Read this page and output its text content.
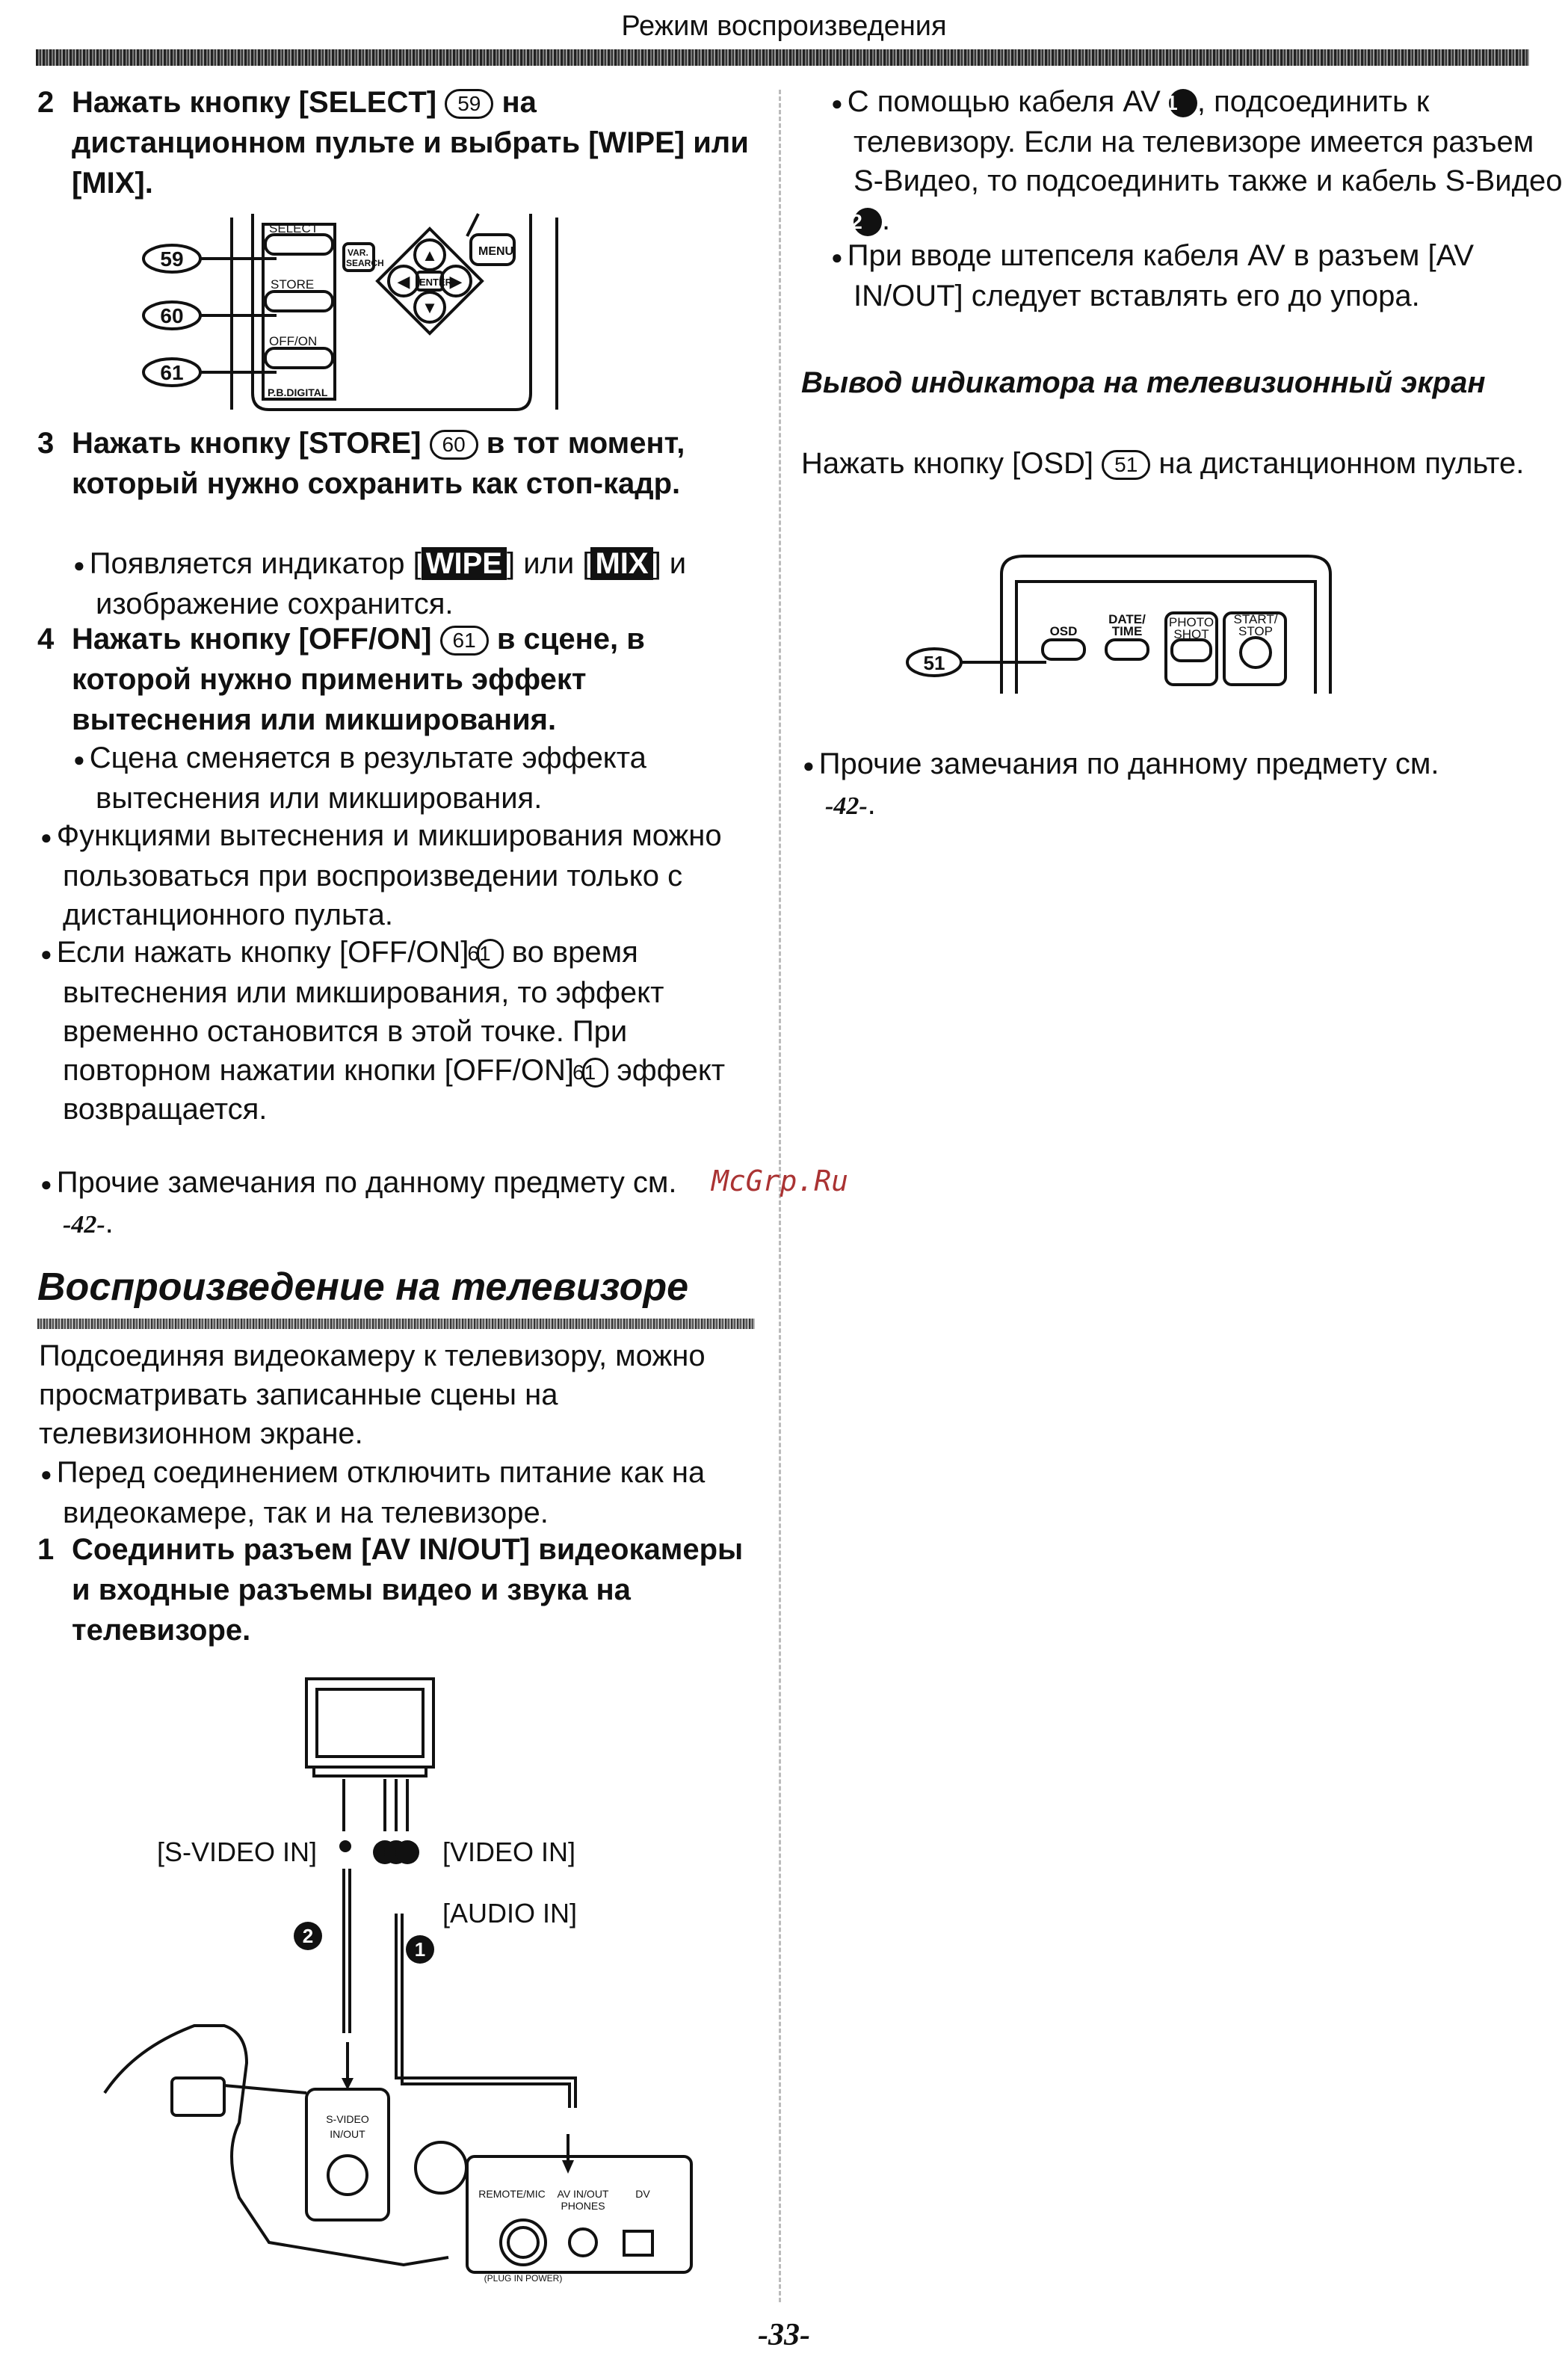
Режим воспроизведения
2 Нажать кнопку [SELECT] 59 на дистанционном пульте и выбрать [WIPE] или [MIX].
59
60
61
SELECT
STORE
OFF/ON
P.B.DIGITAL
VAR.
SEARCH
MENU
ENTER
▲
▼
◀ ▶
3 Нажать кнопку [STORE] 60 в тот момент, который нужно сохранить как стоп-кадр.
● Появляется индикатор [ WIPE ] или [ MIX ] и изображение сохранится.
4 Нажать кнопку [OFF/ON] 61 в сцене, в которой нужно применить эффект вытеснения или микширования.
● Сцена сменяется в результате эффекта вытеснения или микширования.
● Функциями вытеснения и микширования можно пользоваться при воспроизведении только с дистанционного пульта.
● Если нажать кнопку [OFF/ON] 61 во время вытеснения или микширования, то эффект временно остановится в этой точке. При повторном нажатии кнопки [OFF/ON] 61 эффект возвращается.
● Прочие замечания по данному предмету см.
-42-.
McGrp.Ru
Воспроизведение на телевизоре
Подсоединяя видеокамеру к телевизору, можно просматривать записанные сцены на телевизионном экране.
● Перед соединением отключить питание как на видеокамере, так и на телевизоре.
1 Соединить разъем [AV IN/OUT] видеокамеры и входные разъемы видео и звука на телевизоре.
[S-VIDEO IN]	[VIDEO IN]
[AUDIO IN]
1
2
S-VIDEO
IN/OUT
REMOTE/MIC AV IN/OUT
PHONES
DV
(PLUG IN POWER)
● С помощью кабеля AV 1 , подсоединить к телевизору. Если на телевизоре имеется разъем S-Видео, то подсоединить также и кабель S-Видео 2 .
● При вводе штепселя кабеля AV в разъем [AV IN/OUT] следует вставлять его до упора.
Вывод индикатора на телевизионный экран
Нажать кнопку [OSD] 51 на дистанционном пульте.
51
OSD
DATE/
TIME
PHOTO
SHOT
START/
STOP
● Прочие замечания по данному предмету см.
-42-.
-33-
